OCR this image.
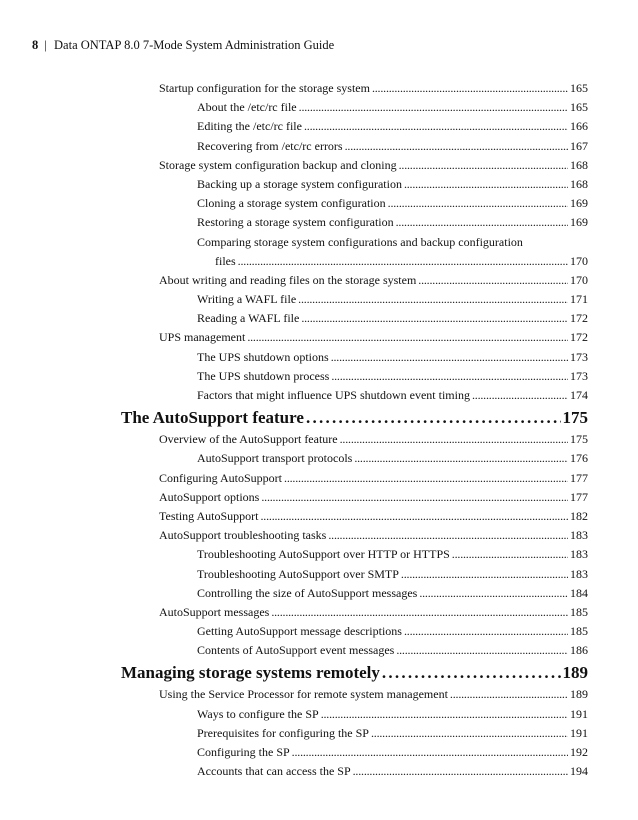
8 | Data ONTAP 8.0 7-Mode System Administration Guide
Startup configuration for the storage system . . .	165
About the /etc/rc file . . .	165
Editing the /etc/rc file . . .	166
Recovering from /etc/rc errors . . .	167
Storage system configuration backup and cloning . . .	168
Backing up a storage system configuration . . .	168
Cloning a storage system configuration . . .	169
Restoring a storage system configuration . . .	169
Comparing storage system configurations and backup configuration
files . . .	170
About writing and reading files on the storage system . . .	170
Writing a WAFL file . . .	171
Reading a WAFL file . . .	172
UPS management . . .	172
The UPS shutdown options . . .	173
The UPS shutdown process . . .	173
Factors that might influence UPS shutdown event timing . . .	174
The AutoSupport feature . . .	175
Overview of the AutoSupport feature . . .	175
AutoSupport transport protocols . . .	176
Configuring AutoSupport . . .	177
AutoSupport options . . .	177
Testing AutoSupport . . .	182
AutoSupport troubleshooting tasks . . .	183
Troubleshooting AutoSupport over HTTP or HTTPS . . .	183
Troubleshooting AutoSupport over SMTP . . .	183
Controlling the size of AutoSupport messages . . .	184
AutoSupport messages . . .	185
Getting AutoSupport message descriptions . . .	185
Contents of AutoSupport event messages . . .	186
Managing storage systems remotely . . .	189
Using the Service Processor for remote system management . . .	189
Ways to configure the SP . . .	191
Prerequisites for configuring the SP . . .	191
Configuring the SP . . .	192
Accounts that can access the SP . . .	194
